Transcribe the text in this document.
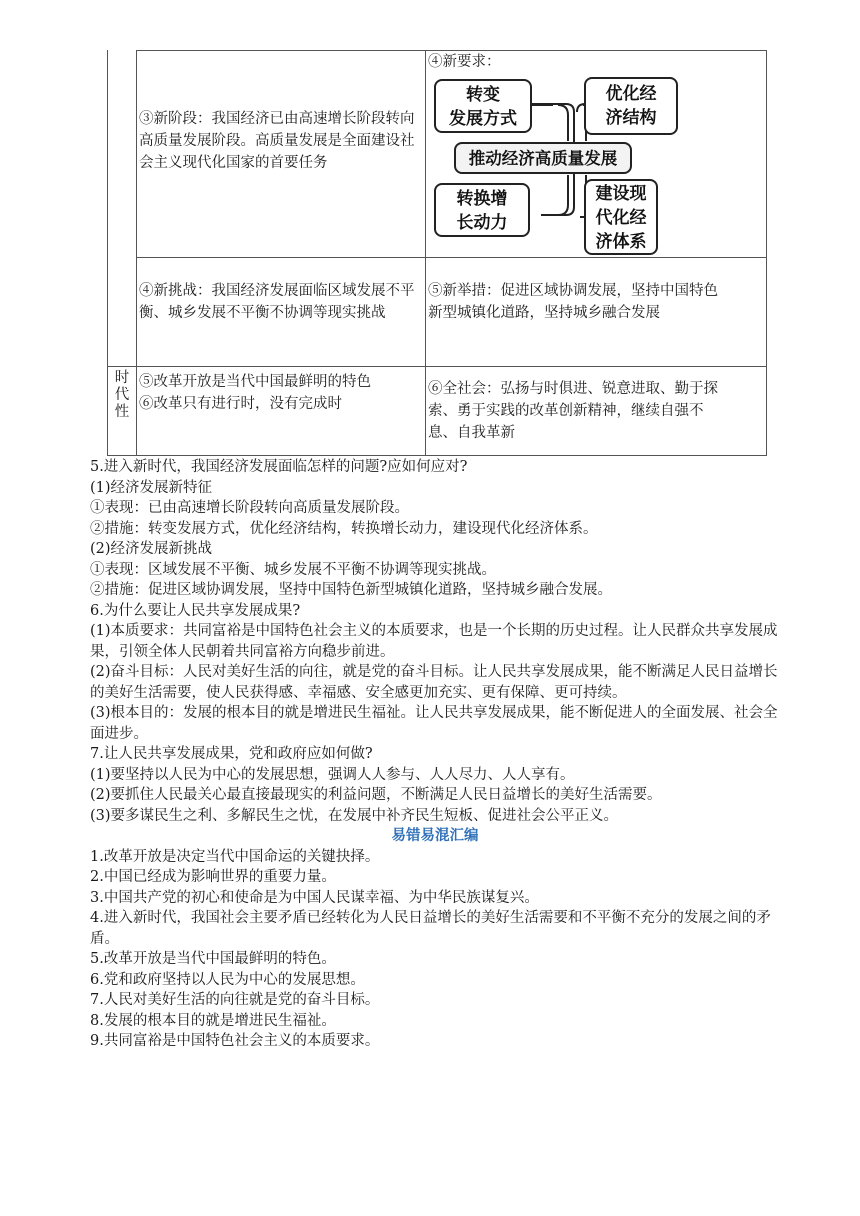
③新阶段：我国经济已由高速增长阶段转向高质量发展阶段。高质量发展是全面建设社会主义现代化国家的首要任务
④新要求：
转变
发展方式
优化经
济结构
推动经济高质量发展
转换增
长动力
建设现
代化经
济体系
④新挑战：我国经济发展面临区域发展不平衡、城乡发展不平衡不协调等现实挑战
⑤新举措：促进区域协调发展，坚持中国特色新型城镇化道路，坚持城乡融合发展
时代性
⑤改革开放是当代中国最鲜明的特色
⑥改革只有进行时，没有完成时
⑥全社会：弘扬与时俱进、锐意进取、勤于探索、勇于实践的改革创新精神，继续自强不息、自我革新

5.进入新时代，我国经济发展面临怎样的问题?应如何应对?

(1)经济发展新特征

①表现：已由高速增长阶段转向高质量发展阶段。

②措施：转变发展方式，优化经济结构，转换增长动力，建设现代化经济体系。

(2)经济发展新挑战

①表现：区域发展不平衡、城乡发展不平衡不协调等现实挑战。

②措施：促进区域协调发展，坚持中国特色新型城镇化道路，坚持城乡融合发展。

6.为什么要让人民共享发展成果?

(1)本质要求：共同富裕是中国特色社会主义的本质要求，也是一个长期的历史过程。让人民群众共享发展成果，引领全体人民朝着共同富裕方向稳步前进。

(2)奋斗目标：人民对美好生活的向往，就是党的奋斗目标。让人民共享发展成果，能不断满足人民日益增长的美好生活需要，使人民获得感、幸福感、安全感更加充实、更有保障、更可持续。

(3)根本目的：发展的根本目的就是增进民生福祉。让人民共享发展成果，能不断促进人的全面发展、社会全面进步。

7.让人民共享发展成果，党和政府应如何做?

(1)要坚持以人民为中心的发展思想，强调人人参与、人人尽力、人人享有。

(2)要抓住人民最关心最直接最现实的利益问题，不断满足人民日益增长的美好生活需要。

(3)要多谋民生之利、多解民生之忧，在发展中补齐民生短板、促进社会公平正义。

易错易混汇编

1.改革开放是决定当代中国命运的关键抉择。

2.中国已经成为影响世界的重要力量。

3.中国共产党的初心和使命是为中国人民谋幸福、为中华民族谋复兴。

4.进入新时代，我国社会主要矛盾已经转化为人民日益增长的美好生活需要和不平衡不充分的发展之间的矛盾。

5.改革开放是当代中国最鲜明的特色。

6.党和政府坚持以人民为中心的发展思想。

7.人民对美好生活的向往就是党的奋斗目标。

8.发展的根本目的就是增进民生福祉。

9.共同富裕是中国特色社会主义的本质要求。
